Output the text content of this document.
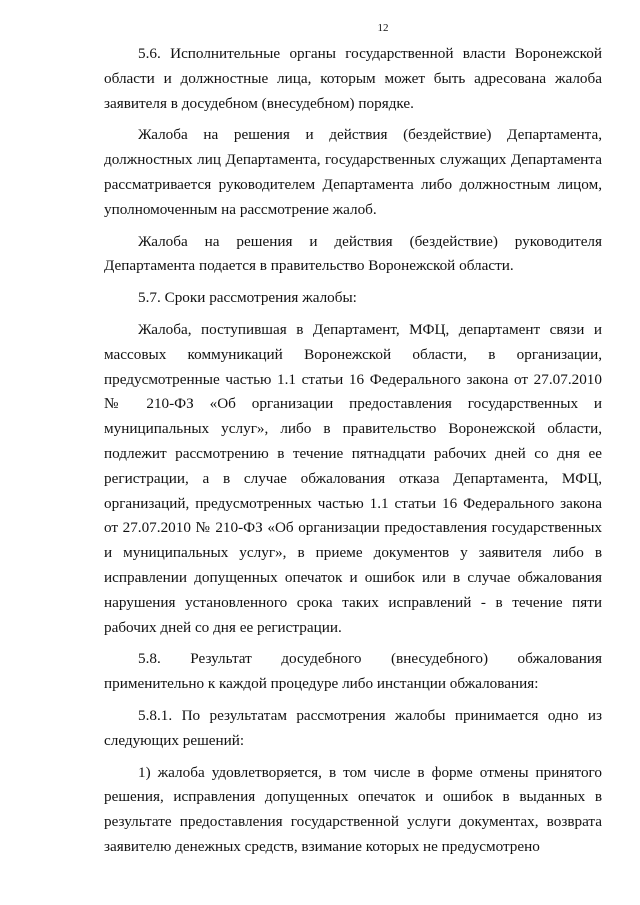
12

5.6. Исполнительные органы государственной власти Воронежской области и должностные лица, которым может быть адресована жалоба заявителя в досудебном (внесудебном) порядке.

Жалоба на решения и действия (бездействие) Департамента, должностных лиц Департамента, государственных служащих Департамента рассматривается руководителем Департамента либо должностным лицом, уполномоченным на рассмотрение жалоб.

Жалоба на решения и действия (бездействие) руководителя Департамента подается в правительство Воронежской области.

5.7. Сроки рассмотрения жалобы:

Жалоба, поступившая в Департамент, МФЦ, департамент связи и массовых коммуникаций Воронежской области, в организации, предусмотренные частью 1.1 статьи 16 Федерального закона от 27.07.2010 № 210-ФЗ «Об организации предоставления государственных и муниципальных услуг», либо в правительство Воронежской области, подлежит рассмотрению в течение пятнадцати рабочих дней со дня ее регистрации, а в случае обжалования отказа Департамента, МФЦ, организаций, предусмотренных частью 1.1 статьи 16 Федерального закона от 27.07.2010 № 210-ФЗ «Об организации предоставления государственных и муниципальных услуг», в приеме документов у заявителя либо в исправлении допущенных опечаток и ошибок или в случае обжалования нарушения установленного срока таких исправлений - в течение пяти рабочих дней со дня ее регистрации.

5.8. Результат досудебного (внесудебного) обжалования применительно к каждой процедуре либо инстанции обжалования:

5.8.1. По результатам рассмотрения жалобы принимается одно из следующих решений:

1) жалоба удовлетворяется, в том числе в форме отмены принятого решения, исправления допущенных опечаток и ошибок в выданных в результате предоставления государственной услуги документах, возврата заявителю денежных средств, взимание которых не предусмотрено
